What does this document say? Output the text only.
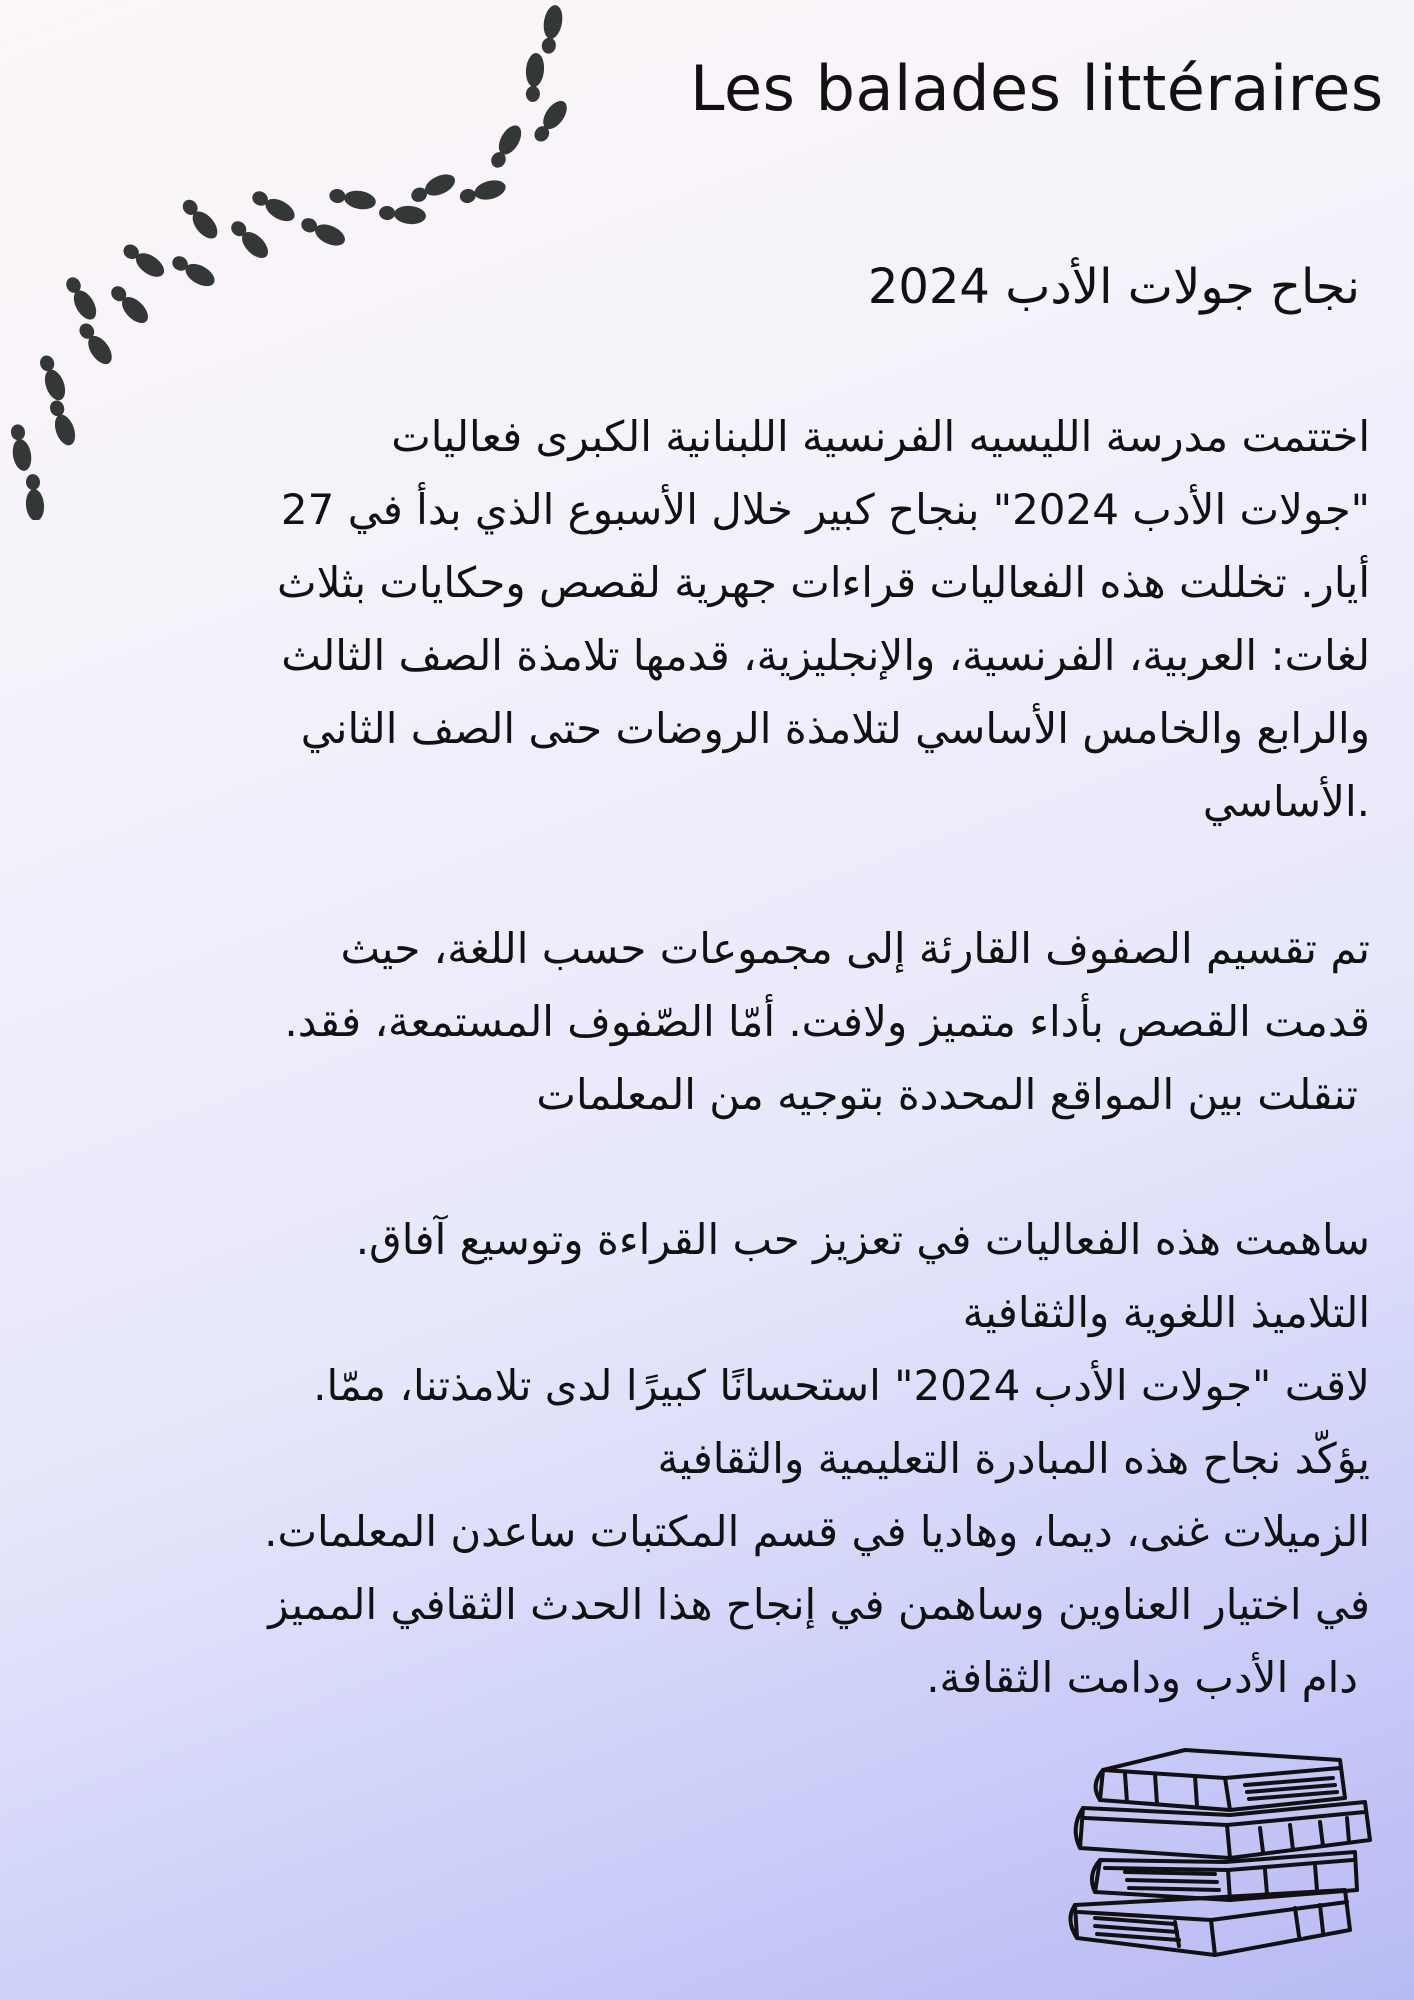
Les balades littéraires
نجاح جولات الأدب 2024
اختتمت مدرسة الليسيه الفرنسية اللبنانية الكبرى فعاليات
"جولات الأدب 2024" بنجاح كبير خلال الأسبوع الذي بدأ في 27
أيار. تخللت هذه الفعاليات قراءات جهرية لقصص وحكايات بثلاث
لغات: العربية، الفرنسية، والإنجليزية، قدمها تلامذة الصف الثالث
والرابع والخامس الأساسي لتلامذة الروضات حتى الصف الثاني
.الأساسي
تم تقسيم الصفوف القارئة إلى مجموعات حسب اللغة، حيث
قدمت القصص بأداء متميز ولافت. أمّا الصّفوف المستمعة، فقد.
تنقلت بين المواقع المحددة بتوجيه من المعلمات
ساهمت هذه الفعاليات في تعزيز حب القراءة وتوسيع آفاق.
التلاميذ اللغوية والثقافية
لاقت "جولات الأدب 2024" استحسانًا كبيرًا لدى تلامذتنا، ممّا.
يؤكّد نجاح هذه المبادرة التعليمية والثقافية
الزميلات غنى، ديما، وهاديا في قسم المكتبات ساعدن المعلمات.
في اختيار العناوين وساهمن في إنجاح هذا الحدث الثقافي المميز
دام الأدب ودامت الثقافة.
